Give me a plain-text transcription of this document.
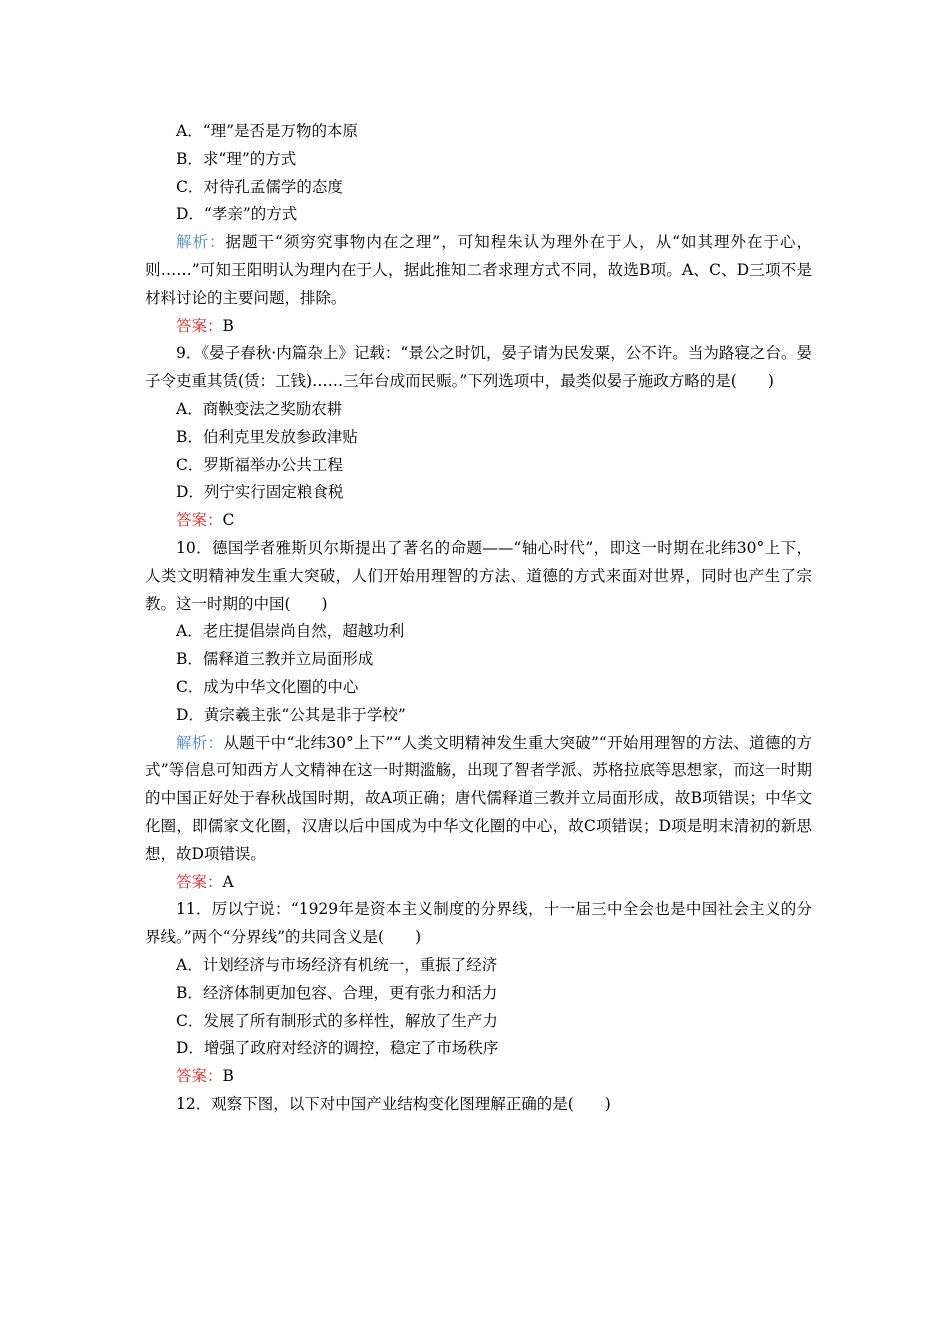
A．“理”是否是万物的本原
B．求“理”的方式
C．对待孔孟儒学的态度
D．“孝亲”的方式

解析：据题干“须穷究事物内在之理”，可知程朱认为理外在于人，从“如其理外在于心，则……”可知王阳明认为理内在于人，据此推知二者求理方式不同，故选B项。A、C、D三项不是材料讨论的主要问题，排除。

答案：B

9．《晏子春秋·内篇杂上》记载：“景公之时饥，晏子请为民发粟，公不许。当为路寝之台。晏子令吏重其赁(赁：工钱)……三年台成而民赈。”下列选项中，最类似晏子施政方略的是(　　)

A．商鞅变法之奖励农耕
B．伯利克里发放参政津贴
C．罗斯福举办公共工程
D．列宁实行固定粮食税

答案：C

10．德国学者雅斯贝尔斯提出了著名的命题——“轴心时代”，即这一时期在北纬30°上下，人类文明精神发生重大突破，人们开始用理智的方法、道德的方式来面对世界，同时也产生了宗教。这一时期的中国(　　)

A．老庄提倡崇尚自然，超越功利
B．儒释道三教并立局面形成
C．成为中华文化圈的中心
D．黄宗羲主张“公其是非于学校”

解析：从题干中“北纬30°上下”“人类文明精神发生重大突破”“开始用理智的方法、道德的方式”等信息可知西方人文精神在这一时期滥觞，出现了智者学派、苏格拉底等思想家，而这一时期的中国正好处于春秋战国时期，故A项正确；唐代儒释道三教并立局面形成，故B项错误；中华文化圈，即儒家文化圈，汉唐以后中国成为中华文化圈的中心，故C项错误；D项是明末清初的新思想，故D项错误。

答案：A

11．厉以宁说：“1929年是资本主义制度的分界线，十一届三中全会也是中国社会主义的分界线。”两个“分界线”的共同含义是(　　)

A．计划经济与市场经济有机统一，重振了经济
B．经济体制更加包容、合理，更有张力和活力
C．发展了所有制形式的多样性，解放了生产力
D．增强了政府对经济的调控，稳定了市场秩序

答案：B

12．观察下图，以下对中国产业结构变化图理解正确的是(　　)
